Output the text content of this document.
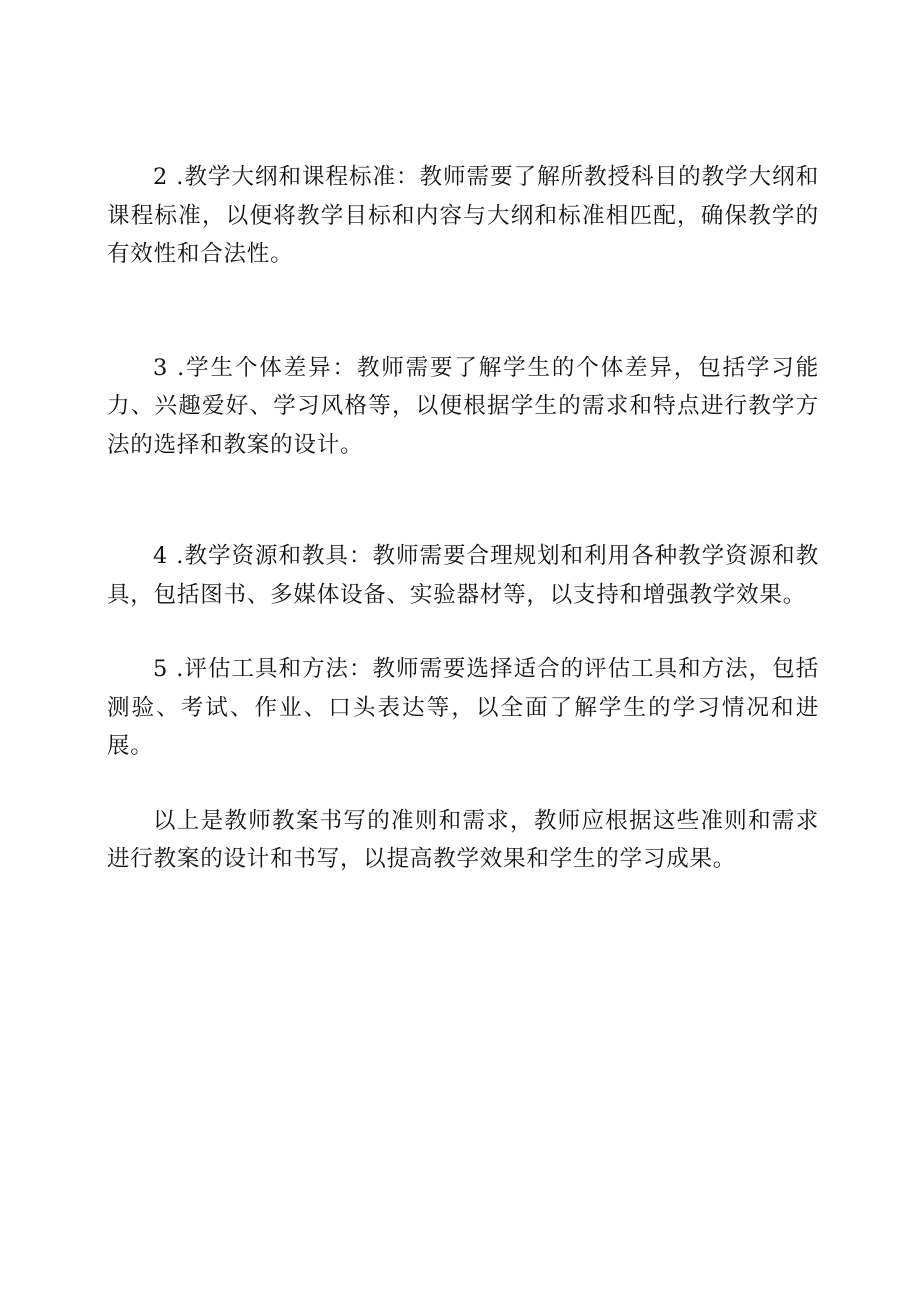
2 .教学大纲和课程标准：教师需要了解所教授科目的教学大纲和课程标准，以便将教学目标和内容与大纲和标准相匹配，确保教学的有效性和合法性。

3 .学生个体差异：教师需要了解学生的个体差异，包括学习能力、兴趣爱好、学习风格等，以便根据学生的需求和特点进行教学方法的选择和教案的设计。

4 .教学资源和教具：教师需要合理规划和利用各种教学资源和教具，包括图书、多媒体设备、实验器材等，以支持和增强教学效果。

5 .评估工具和方法：教师需要选择适合的评估工具和方法，包括测验、考试、作业、口头表达等，以全面了解学生的学习情况和进展。

以上是教师教案书写的准则和需求，教师应根据这些准则和需求进行教案的设计和书写，以提高教学效果和学生的学习成果。
